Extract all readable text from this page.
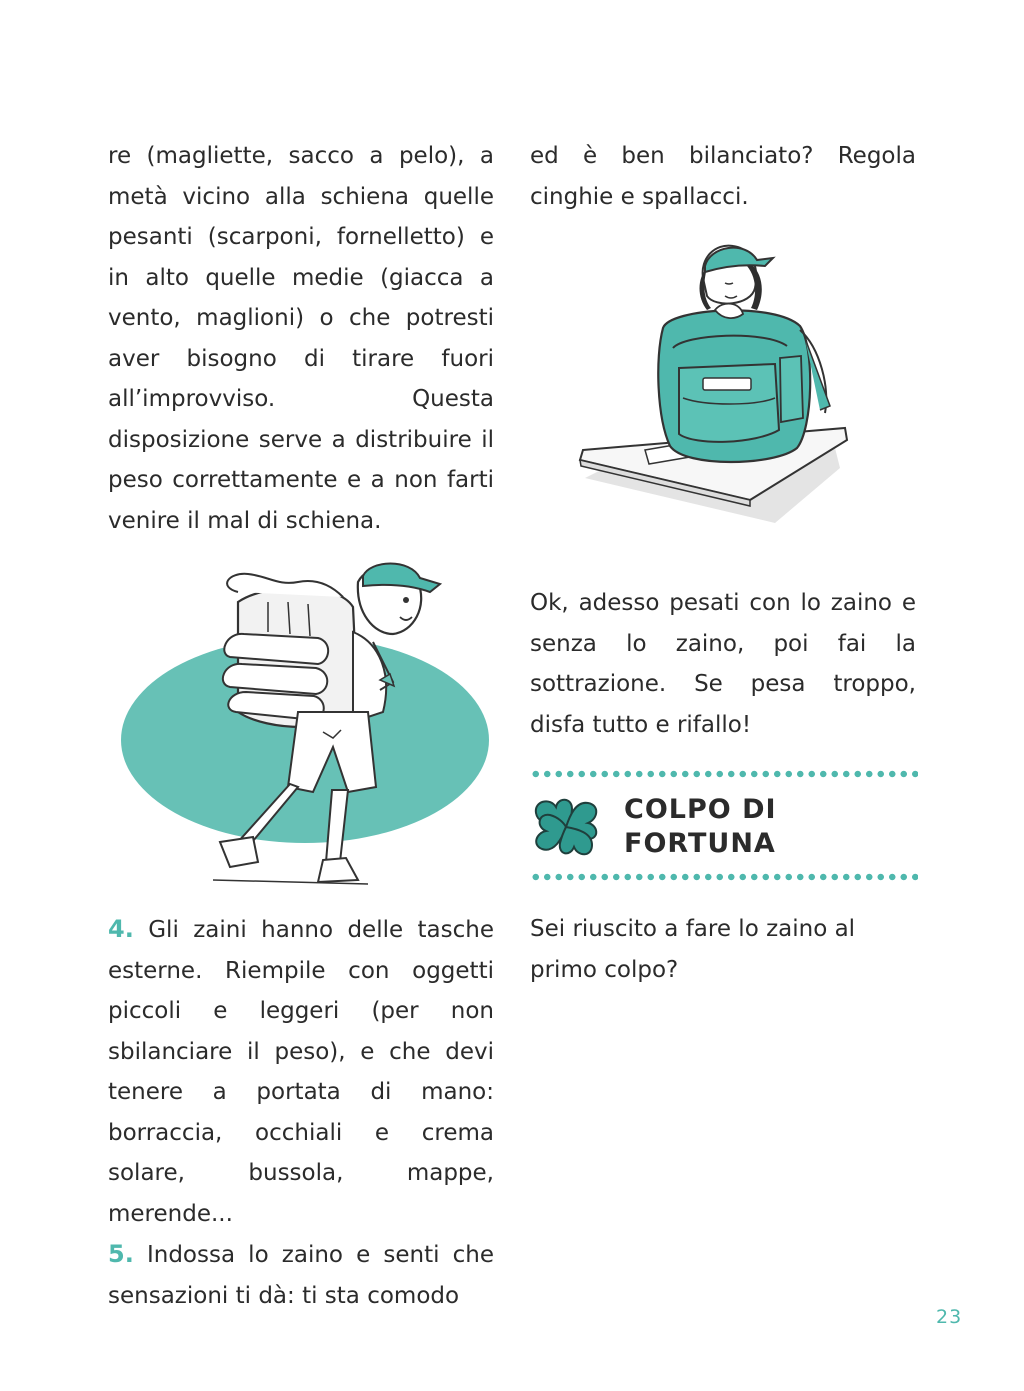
re (magliette, sacco a pelo), a metà vicino alla schiena quelle pesanti (scarponi, fornelletto) e in alto quelle medie (giacca a vento, maglioni) o che potresti aver bisogno di tirare fuori all’improvviso. Questa disposizione serve a distribuire il peso correttamente e a non farti venire il mal di schiena.

ed è ben bilanciato? Regola cinghie e spallacci.

Ok, adesso pesati con lo zaino e senza lo zaino, poi fai la sottrazione. Se pesa troppo, disfa tutto e rifallo!

COLPO DI
FORTUNA

4. Gli zaini hanno delle tasche esterne. Riempile con oggetti piccoli e leggeri (per non sbilanciare il peso), e che devi tenere a portata di mano: borraccia, occhiali e crema solare, bussola, mappe, merende...

5. Indossa lo zaino e senti che sensazioni ti dà: ti sta comodo

Sei riuscito a fare lo zaino al primo colpo?

23
